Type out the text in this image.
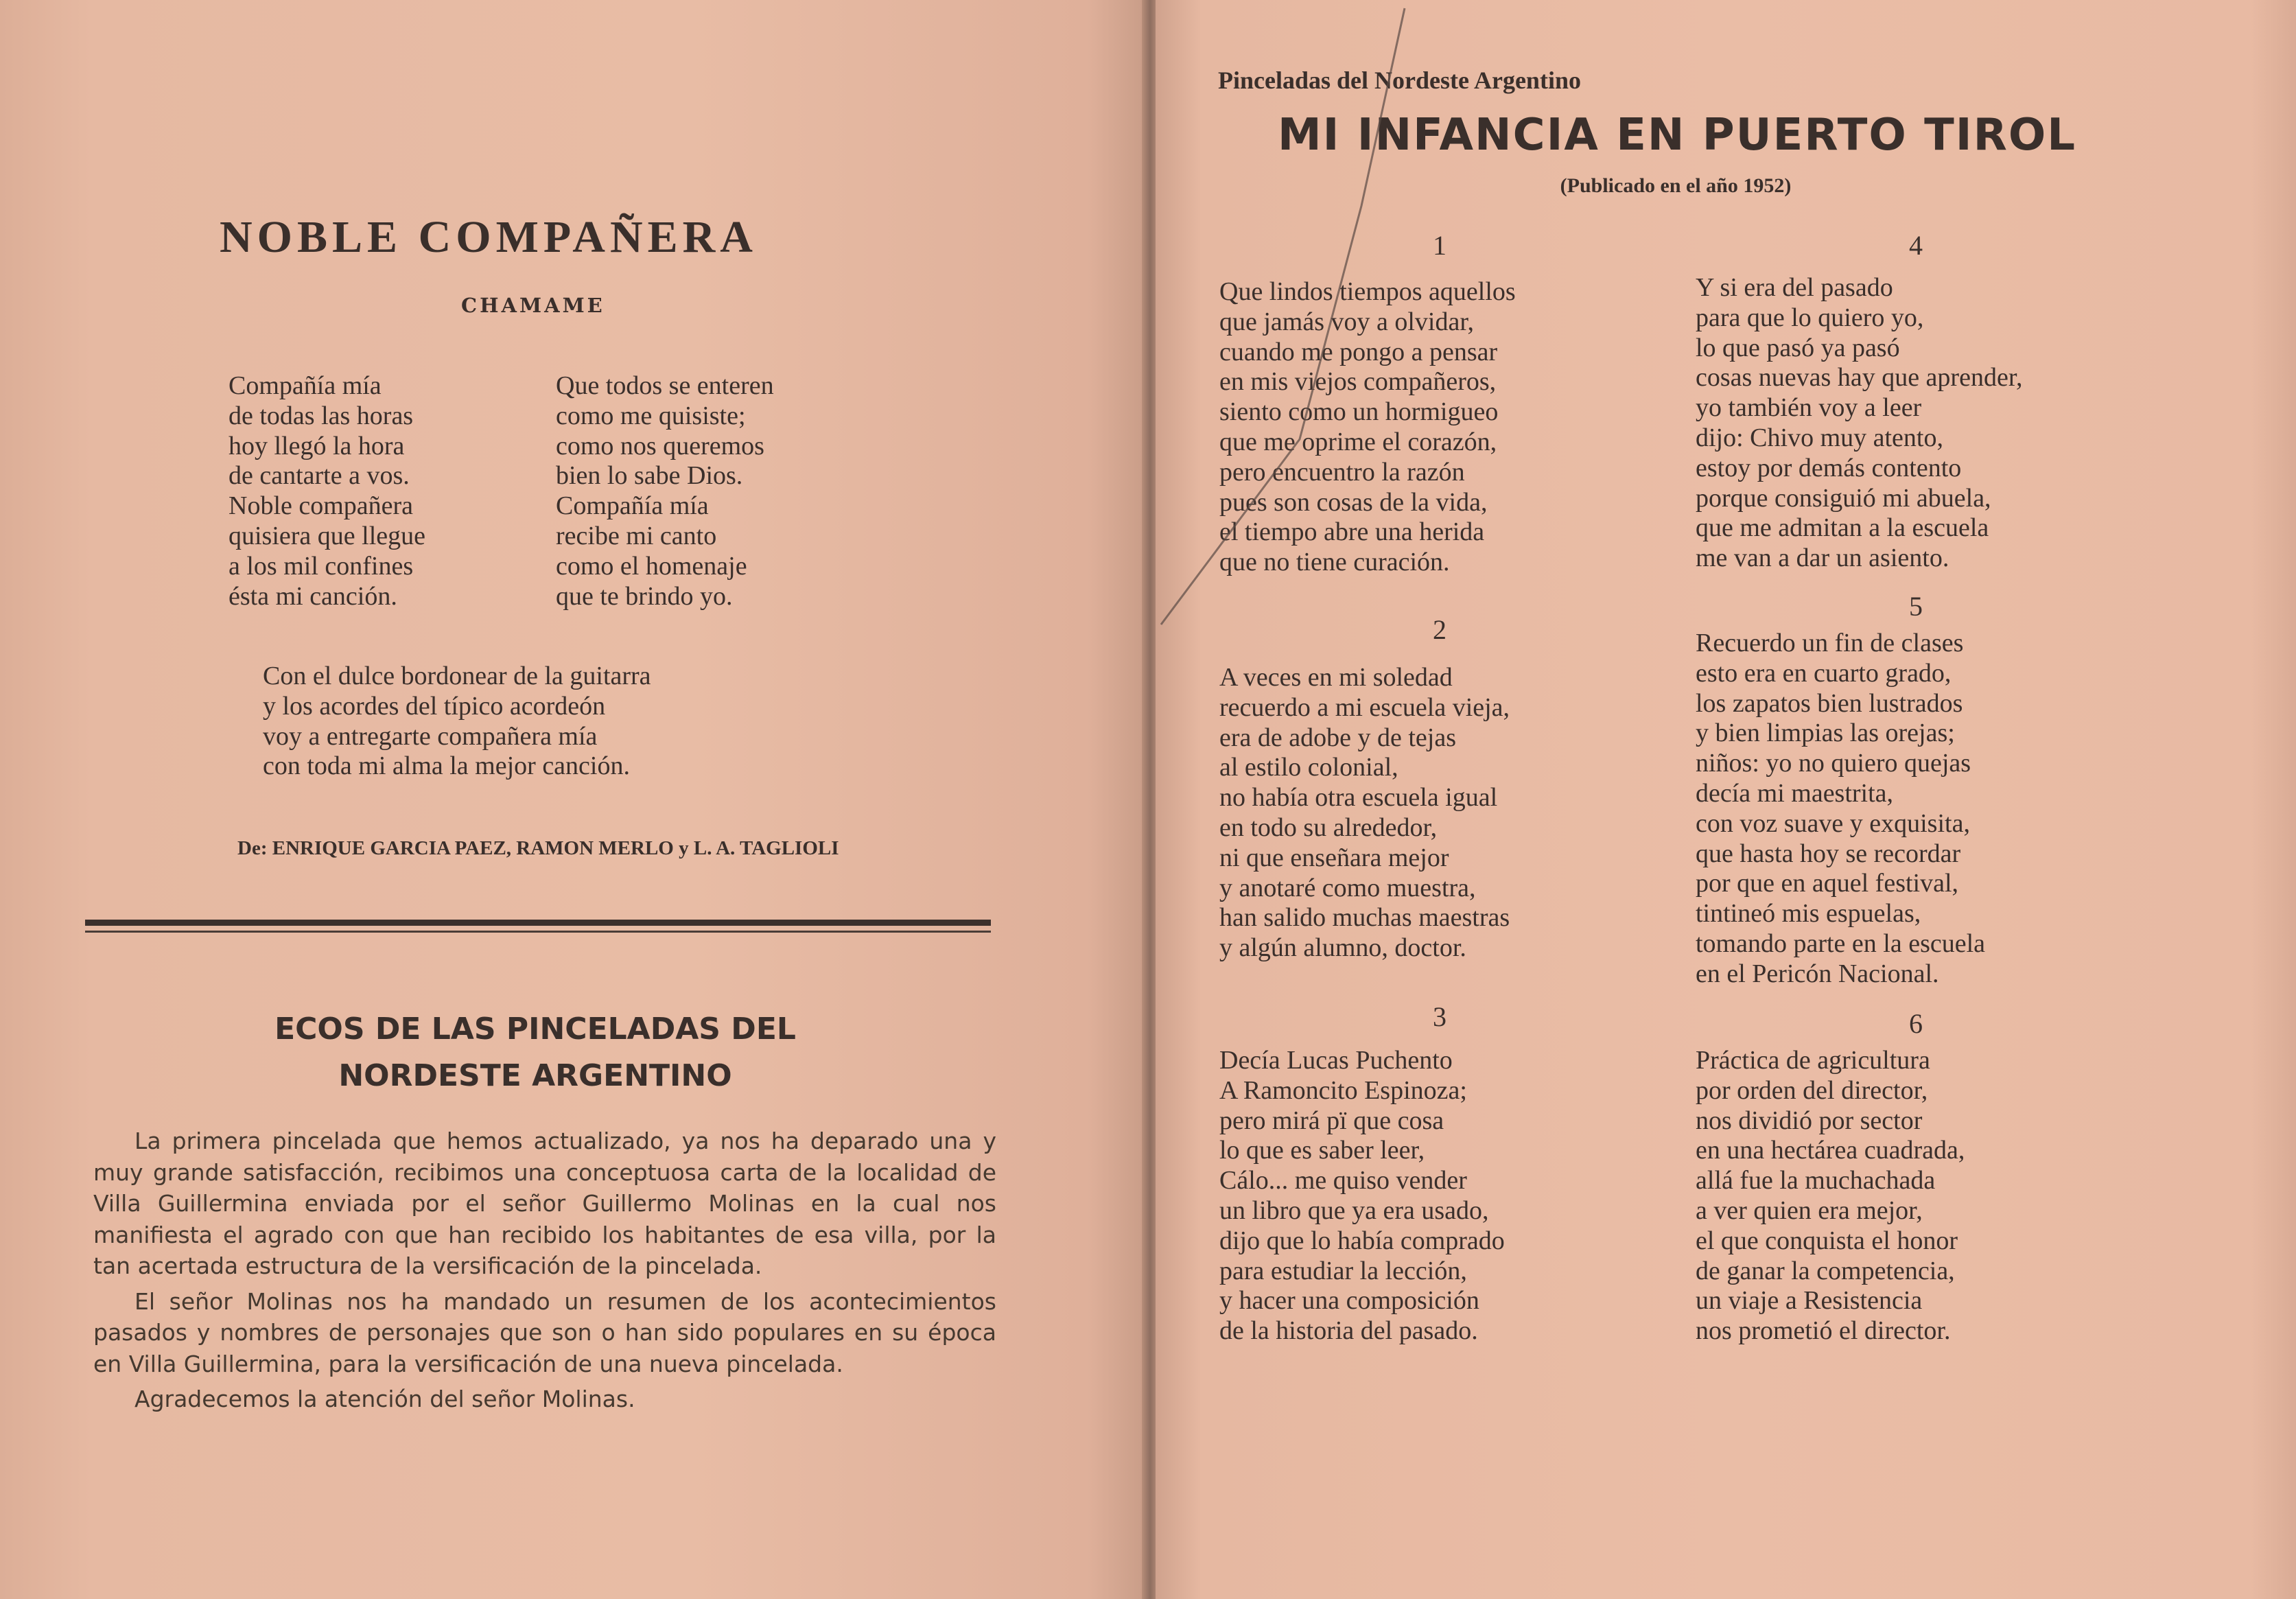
NOBLE COMPAÑERA
CHAMAME
Compañía mía
de todas las horas
hoy llegó la hora
de cantarte a vos.
Noble compañera
quisiera que llegue
a los mil confines
ésta mi canción.
Que todos se enteren
como me quisiste;
como nos queremos
bien lo sabe Dios.
Compañía mía
recibe mi canto
como el homenaje
que te brindo yo.
Con el dulce bordonear de la guitarra
y los acordes del típico acordeón
voy a entregarte compañera mía
con toda mi alma la mejor canción.
De: ENRIQUE GARCIA PAEZ, RAMON MERLO y L. A. TAGLIOLI
ECOS DE LAS PINCELADAS DEL
NORDESTE ARGENTINO

La primera pincelada que hemos actualizado, ya nos ha deparado una y muy grande satisfacción, recibimos una conceptuosa carta de la localidad de Villa Guillermina enviada por el señor Guillermo Molinas en la cual nos manifiesta el agrado con que han recibido los habitantes de esa villa, por la tan acertada estructura de la versificación de la pincelada.

El señor Molinas nos ha mandado un resumen de los acontecimientos pasados y nombres de personajes que son o han sido populares en su época en Villa Guillermina, para la versificación de una nueva pincelada.

Agradecemos la atención del señor Molinas.

Pinceladas del Nordeste Argentino
MI INFANCIA EN PUERTO TIROL
(Publicado en el año 1952)
1
Que lindos tiempos aquellos
que jamás voy a olvidar,
cuando me pongo a pensar
en mis viejos compañeros,
siento como un hormigueo
que me oprime el corazón,
pero encuentro la razón
pues son cosas de la vida,
el tiempo abre una herida
que no tiene curación.
2
A veces en mi soledad
recuerdo a mi escuela vieja,
era de adobe y de tejas
al estilo colonial,
no había otra escuela igual
en todo su alrededor,
ni que enseñara mejor
y anotaré como muestra,
han salido muchas maestras
y algún alumno, doctor.
3
Decía Lucas Puchento
A Ramoncito Espinoza;
pero mirá pï que cosa
lo que es saber leer,
Cálo... me quiso vender
un libro que ya era usado,
dijo que lo había comprado
para estudiar la lección,
y hacer una composición
de la historia del pasado.
4
Y si era del pasado
para que lo quiero yo,
lo que pasó ya pasó
cosas nuevas hay que aprender,
yo también voy a leer
dijo: Chivo muy atento,
estoy por demás contento
porque consiguió mi abuela,
que me admitan a la escuela
me van a dar un asiento.
5
Recuerdo un fin de clases
esto era en cuarto grado,
los zapatos bien lustrados
y bien limpias las orejas;
niños: yo no quiero quejas
decía mi maestrita,
con voz suave y exquisita,
que hasta hoy se recordar
por que en aquel festival,
tintineó mis espuelas,
tomando parte en la escuela
en el Pericón Nacional.
6
Práctica de agricultura
por orden del director,
nos dividió por sector
en una hectárea cuadrada,
allá fue la muchachada
a ver quien era mejor,
el que conquista el honor
de ganar la competencia,
un viaje a Resistencia
nos prometió el director.
